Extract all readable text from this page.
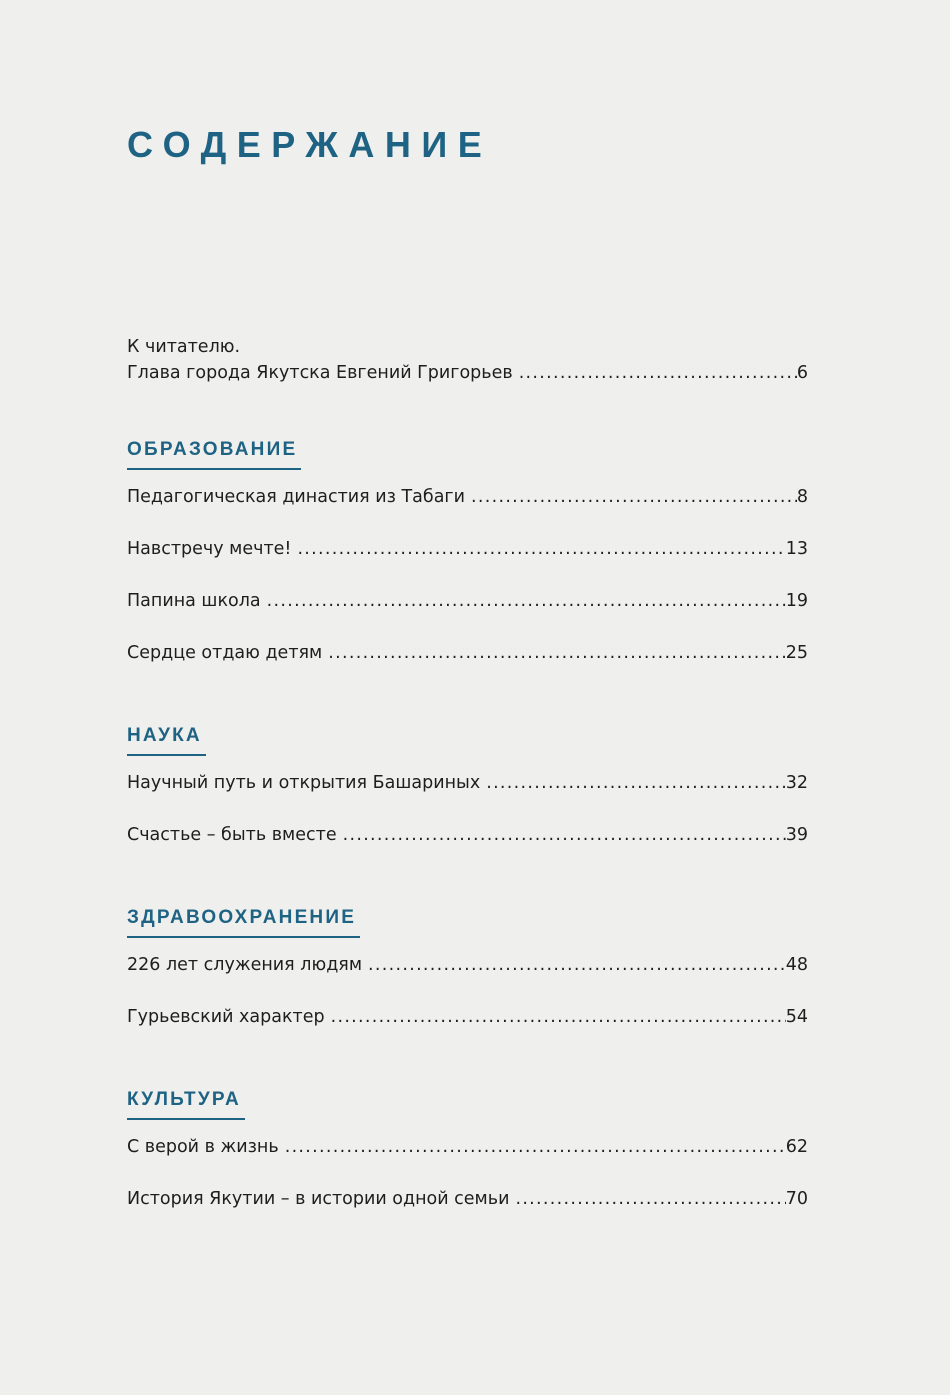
СОДЕРЖАНИЕ
К читателю.
Глава города Якутска Евгений Григорьев .....	6
ОБРАЗОВАНИЕ
Педагогическая династия из Табаги .....	8
Навстречу мечте! .....	13
Папина школа .....	19
Сердце отдаю детям .....	25
НАУКА
Научный путь и открытия Башариных .....	32
Счастье – быть вместе .....	39
ЗДРАВООХРАНЕНИЕ
226 лет служения людям .....	48
Гурьевский характер .....	54
КУЛЬТУРА
С верой в жизнь .....	62
История Якутии – в истории одной семьи .....	70
